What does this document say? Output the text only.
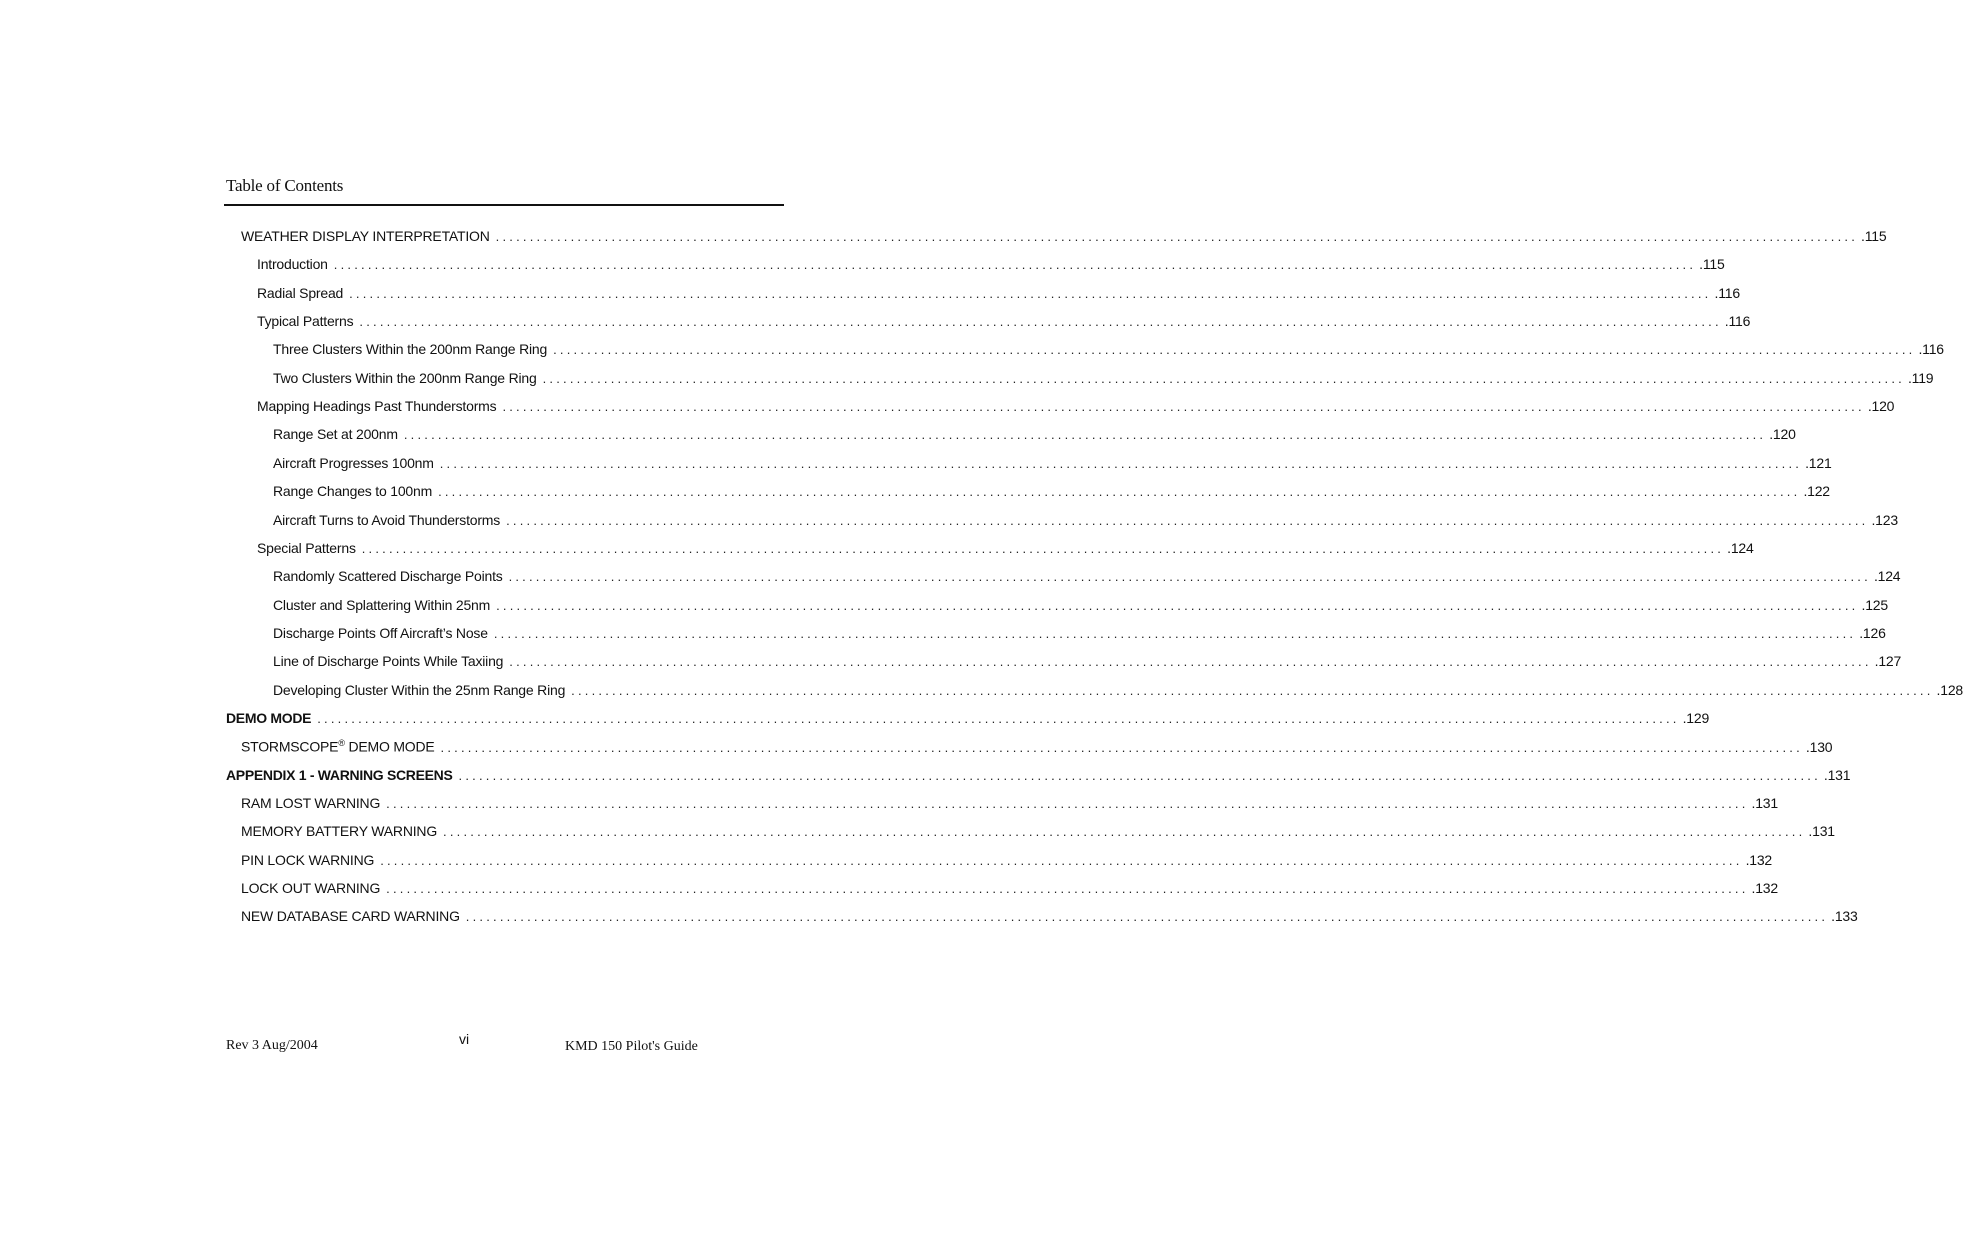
Table of Contents
WEATHER DISPLAY INTERPRETATION ........................................................................................................................................................................................................ .115
Introduction ........................................................................................................................................................................................................ .115
Radial Spread ........................................................................................................................................................................................................ .116
Typical Patterns ........................................................................................................................................................................................................ .116
Three Clusters Within the 200nm Range Ring ........................................................................................................................................................................................................ .116
Two Clusters Within the 200nm Range Ring ........................................................................................................................................................................................................ .119
Mapping Headings Past Thunderstorms ........................................................................................................................................................................................................ .120
Range Set at 200nm ........................................................................................................................................................................................................ .120
Aircraft Progresses 100nm ........................................................................................................................................................................................................ .121
Range Changes to 100nm ........................................................................................................................................................................................................ .122
Aircraft Turns to Avoid Thunderstorms ........................................................................................................................................................................................................ .123
Special Patterns ........................................................................................................................................................................................................ .124
Randomly Scattered Discharge Points ........................................................................................................................................................................................................ .124
Cluster and Splattering Within 25nm ........................................................................................................................................................................................................ .125
Discharge Points Off Aircraft’s Nose ........................................................................................................................................................................................................ .126
Line of Discharge Points While Taxiing ........................................................................................................................................................................................................ .127
Developing Cluster Within the 25nm Range Ring ........................................................................................................................................................................................................ .128
DEMO MODE ........................................................................................................................................................................................................ .129
STORMSCOPE® DEMO MODE ........................................................................................................................................................................................................ .130
APPENDIX 1 - WARNING SCREENS ........................................................................................................................................................................................................ .131
RAM LOST WARNING ........................................................................................................................................................................................................ .131
MEMORY BATTERY WARNING ........................................................................................................................................................................................................ .131
PIN LOCK WARNING ........................................................................................................................................................................................................ .132
LOCK OUT WARNING ........................................................................................................................................................................................................ .132
NEW DATABASE CARD WARNING ........................................................................................................................................................................................................ .133
Rev 3 Aug/2004	vi	KMD 150 Pilot's Guide
